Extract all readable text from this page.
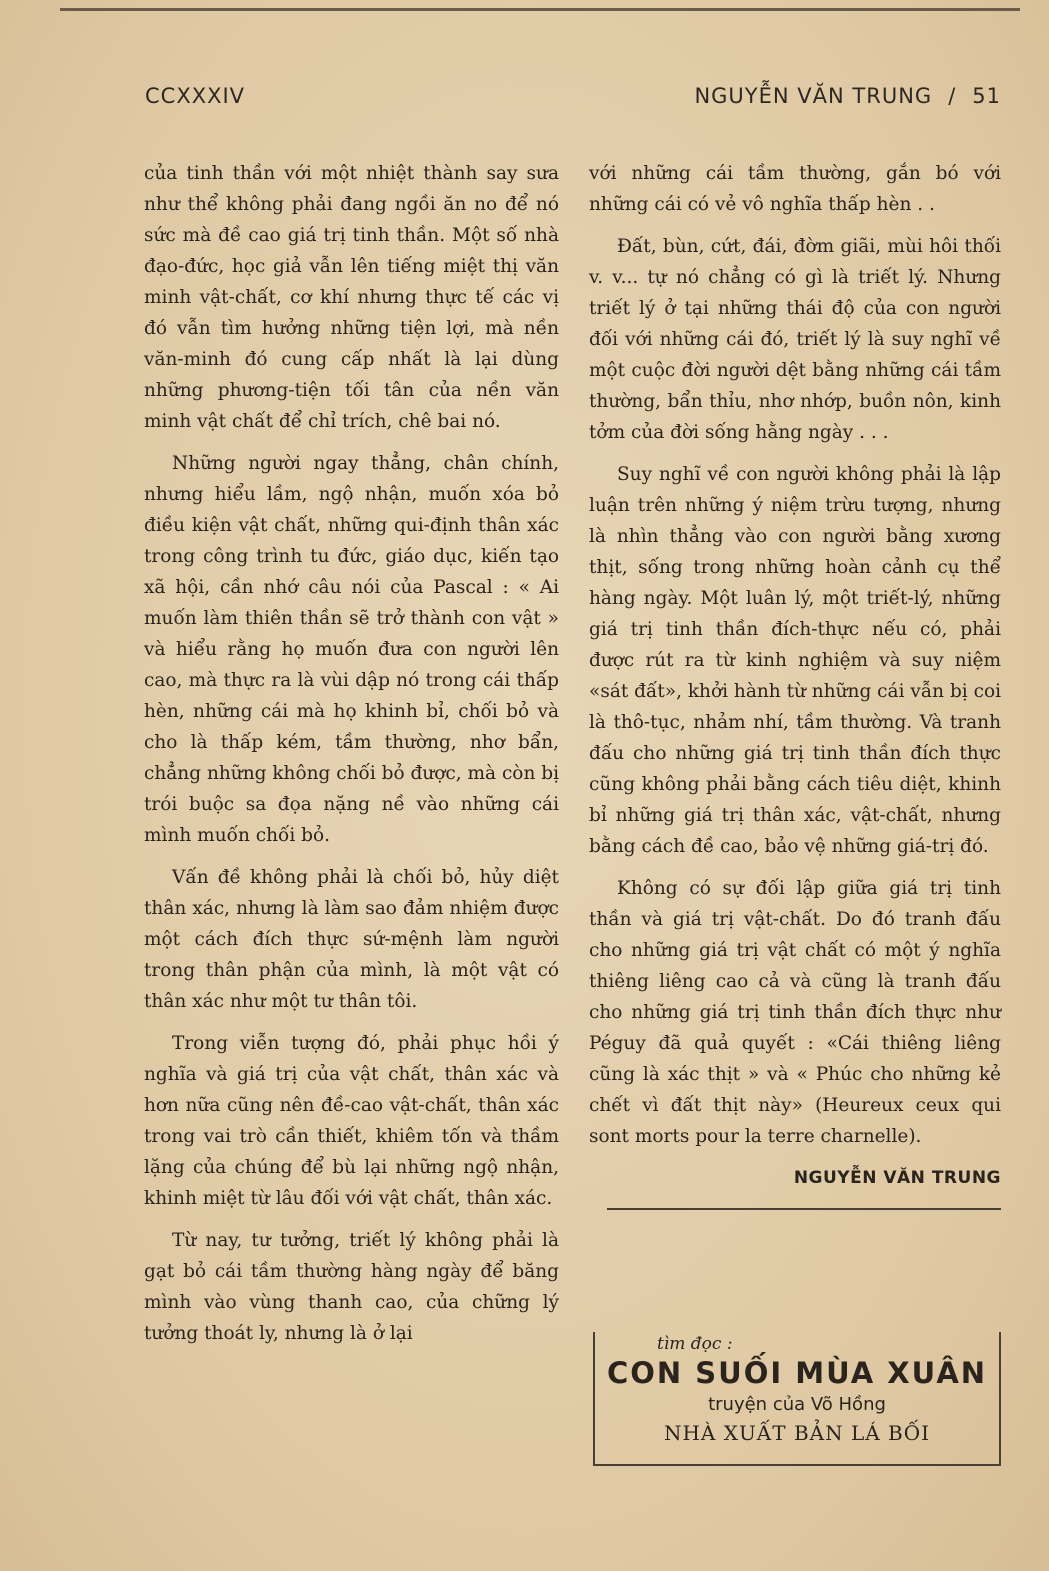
CCXXXIV	NGUYỄN VĂN TRUNG / 51

của tinh thần với một nhiệt thành say sưa như thể không phải đang ngồi ăn no để nó sức mà đề cao giá trị tinh thần. Một số nhà đạo-đức, học giả vẫn lên tiếng miệt thị văn minh vật-chất, cơ khí nhưng thực tế các vị đó vẫn tìm hưởng những tiện lợi, mà nền văn-minh đó cung cấp nhất là lại dùng những phương-tiện tối tân của nền văn minh vật chất để chỉ trích, chê bai nó.

Những người ngay thẳng, chân chính, nhưng hiểu lầm, ngộ nhận, muốn xóa bỏ điều kiện vật chất, những qui-định thân xác trong công trình tu đức, giáo dục, kiến tạo xã hội, cần nhớ câu nói của Pascal : « Ai muốn làm thiên thần sẽ trở thành con vật » và hiểu rằng họ muốn đưa con người lên cao, mà thực ra là vùi dập nó trong cái thấp hèn, những cái mà họ khinh bỉ, chối bỏ và cho là thấp kém, tầm thường, nhơ bẩn, chẳng những không chối bỏ được, mà còn bị trói buộc sa đọa nặng nề vào những cái mình muốn chối bỏ.

Vấn đề không phải là chối bỏ, hủy diệt thân xác, nhưng là làm sao đảm nhiệm được một cách đích thực sứ-mệnh làm người trong thân phận của mình, là một vật có thân xác như một tư thân tôi.

Trong viễn tượng đó, phải phục hồi ý nghĩa và giá trị của vật chất, thân xác và hơn nữa cũng nên đề-cao vật-chất, thân xác trong vai trò cần thiết, khiêm tốn và thầm lặng của chúng để bù lại những ngộ nhận, khinh miệt từ lâu đối với vật chất, thân xác.

Từ nay, tư tưởng, triết lý không phải là gạt bỏ cái tầm thường hàng ngày để băng mình vào vùng thanh cao, của chững lý tưởng thoát ly, nhưng là ở lại

với những cái tầm thường, gắn bó với những cái có vẻ vô nghĩa thấp hèn . .

Đất, bùn, cứt, đái, đờm giãi, mùi hôi thối v. v... tự nó chẳng có gì là triết lý. Nhưng triết lý ở tại những thái độ của con người đối với những cái đó, triết lý là suy nghĩ về một cuộc đời người dệt bằng những cái tầm thường, bẩn thỉu, nhơ nhớp, buồn nôn, kinh tởm của đời sống hằng ngày . . .

Suy nghĩ về con người không phải là lập luận trên những ý niệm trừu tượng, nhưng là nhìn thẳng vào con người bằng xương thịt, sống trong những hoàn cảnh cụ thể hàng ngày. Một luân lý, một triết-lý, những giá trị tinh thần đích-thực nếu có, phải được rút ra từ kinh nghiệm và suy niệm «sát đất», khởi hành từ những cái vẫn bị coi là thô-tục, nhảm nhí, tầm thường. Và tranh đấu cho những giá trị tinh thần đích thực cũng không phải bằng cách tiêu diệt, khinh bỉ những giá trị thân xác, vật-chất, nhưng bằng cách đề cao, bảo vệ những giá-trị đó.

Không có sự đối lập giữa giá trị tinh thần và giá trị vật-chất. Do đó tranh đấu cho những giá trị vật chất có một ý nghĩa thiêng liêng cao cả và cũng là tranh đấu cho những giá trị tinh thần đích thực như Péguy đã quả quyết : «Cái thiêng liêng cũng là xác thịt » và « Phúc cho những kẻ chết vì đất thịt này» (Heureux ceux qui sont morts pour la terre charnelle).

NGUYỄN VĂN TRUNG
tìm đọc :
CON SUỐI MÙA XUÂN
truyện của Võ Hồng
NHÀ XUẤT BẢN LÁ BỐI
